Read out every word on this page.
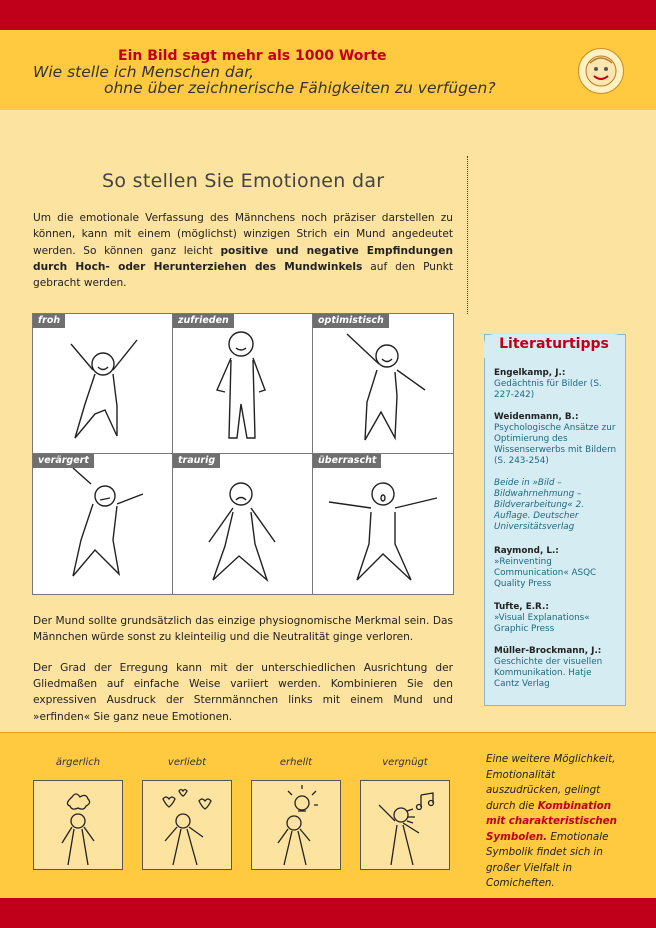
Ein Bild sagt mehr als 1000 Worte
Wie stelle ich Menschen dar,
ohne über zeichnerische Fähigkeiten zu verfügen?
So stellen Sie Emotionen dar
Um die emotionale Verfassung des Männchens noch präziser darstellen zu können, kann mit einem (möglichst) winzigen Strich ein Mund angedeutet werden. So können ganz leicht positive und negative Empfindungen durch Hoch- oder Herunterziehen des Mundwinkels auf den Punkt gebracht werden.
froh	zufrieden	optimistisch
verärgert	traurig	überrascht
Der Mund sollte grundsätzlich das einzige physiognomische Merkmal sein. Das Männchen würde sonst zu kleinteilig und die Neutralität ginge verloren.
Der Grad der Erregung kann mit der unterschiedlichen Ausrichtung der Gliedmaßen auf einfache Weise variiert werden. Kombinieren Sie den expressiven Ausdruck der Sternmännchen links mit einem Mund und »erfinden« Sie ganz neue Emotionen.
Literaturtipps
Engelkamp, J.:
Gedächtnis für Bilder (S. 227-242)
Weidenmann, B.:
Psychologische Ansätze zur Optimierung des Wissenserwerbs mit Bildern (S. 243-254)
Beide in »Bild – Bildwahrnehmung – Bildverarbeitung« 2. Auflage. Deutscher Universitätsverlag
Raymond, L.:
»Reinventing Communication« ASQC Quality Press
Tufte, E.R.:
»Visual Explanations« Graphic Press
Müller-Brockmann, J.:
Geschichte der visuellen Kommunikation. Hatje Cantz Verlag
ärgerlich	verliebt	erhellt	vergnügt	Eine weitere Möglichkeit, Emotionalität auszudrücken, gelingt durch die Kombination mit charakteristischen Symbolen. Emotionale Symbolik findet sich in großer Vielfalt in Comicheften.
